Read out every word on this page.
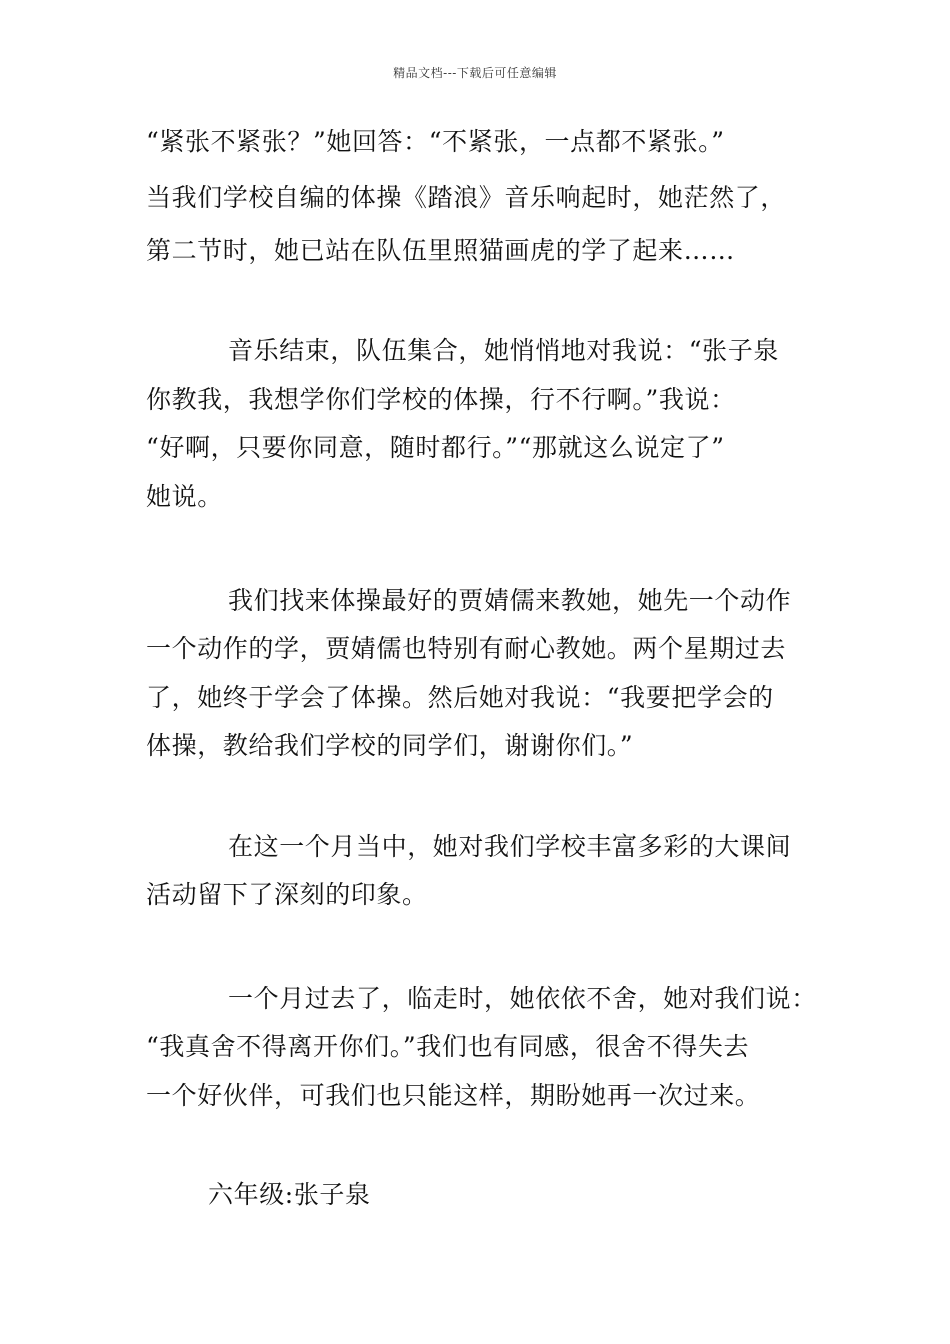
精品文档---下载后可任意编辑
“紧张不紧张？”她回答：“不紧张，一点都不紧张。”
当我们学校自编的体操《踏浪》音乐响起时，她茫然了，
第二节时，她已站在队伍里照猫画虎的学了起来……
音乐结束，队伍集合，她悄悄地对我说：“张子泉
你教我，我想学你们学校的体操，行不行啊。”我说：
“好啊，只要你同意，随时都行。”“那就这么说定了”
她说。
我们找来体操最好的贾婧儒来教她，她先一个动作
一个动作的学，贾婧儒也特别有耐心教她。两个星期过去
了，她终于学会了体操。然后她对我说：“我要把学会的
体操，教给我们学校的同学们，谢谢你们。”
在这一个月当中，她对我们学校丰富多彩的大课间
活动留下了深刻的印象。
一个月过去了，临走时，她依依不舍，她对我们说：
“我真舍不得离开你们。”我们也有同感，很舍不得失去
一个好伙伴，可我们也只能这样，期盼她再一次过来。
六年级:张子泉
